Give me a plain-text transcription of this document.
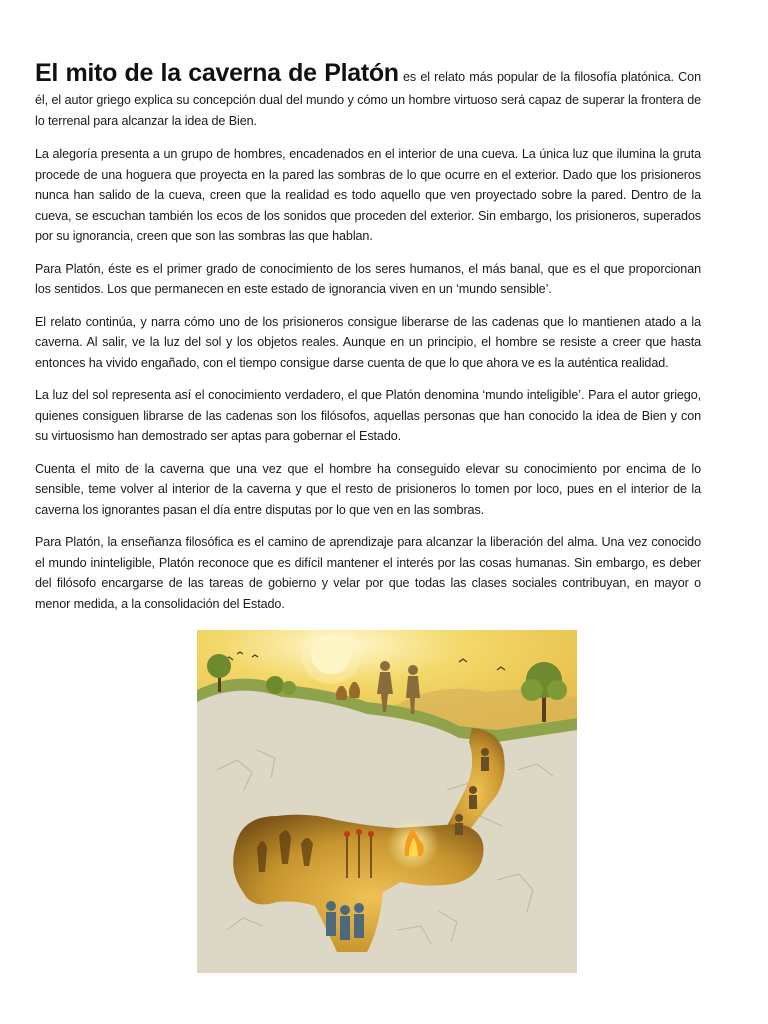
El mito de la caverna de Platón es el relato más popular de la filosofía platónica. Con él, el autor griego explica su concepción dual del mundo y cómo un hombre virtuoso será capaz de superar la frontera de lo terrenal para alcanzar la idea de Bien.

La alegoría presenta a un grupo de hombres, encadenados en el interior de una cueva. La única luz que ilumina la gruta procede de una hoguera que proyecta en la pared las sombras de lo que ocurre en el exterior. Dado que los prisioneros nunca han salido de la cueva, creen que la realidad es todo aquello que ven proyectado sobre la pared. Dentro de la cueva, se escuchan también los ecos de los sonidos que proceden del exterior. Sin embargo, los prisioneros, superados por su ignorancia, creen que son las sombras las que hablan.

Para Platón, éste es el primer grado de conocimiento de los seres humanos, el más banal, que es el que proporcionan los sentidos. Los que permanecen en este estado de ignorancia viven en un ‘mundo sensible’.

El relato continúa, y narra cómo uno de los prisioneros consigue liberarse de las cadenas que lo mantienen atado a la caverna. Al salir, ve la luz del sol y los objetos reales. Aunque en un principio, el hombre se resiste a creer que hasta entonces ha vivido engañado, con el tiempo consigue darse cuenta de que lo que ahora ve es la auténtica realidad.

La luz del sol representa así el conocimiento verdadero, el que Platón denomina ‘mundo inteligible’. Para el autor griego, quienes consiguen librarse de las cadenas son los filósofos, aquellas personas que han conocido la idea de Bien y con su virtuosismo han demostrado ser aptas para gobernar el Estado.

Cuenta el mito de la caverna que una vez que el hombre ha conseguido elevar su conocimiento por encima de lo sensible, teme volver al interior de la caverna y que el resto de prisioneros lo tomen por loco, pues en el interior de la caverna los ignorantes pasan el día entre disputas por lo que ven en las sombras.

Para Platón, la enseñanza filosófica es el camino de aprendizaje para alcanzar la liberación del alma. Una vez conocido el mundo ininteligible, Platón reconoce que es difícil mantener el interés por las cosas humanas. Sin embargo, es deber del filósofo encargarse de las tareas de gobierno y velar por que todas las clases sociales contribuyan, en mayor o menor medida, a la consolidación del Estado.
